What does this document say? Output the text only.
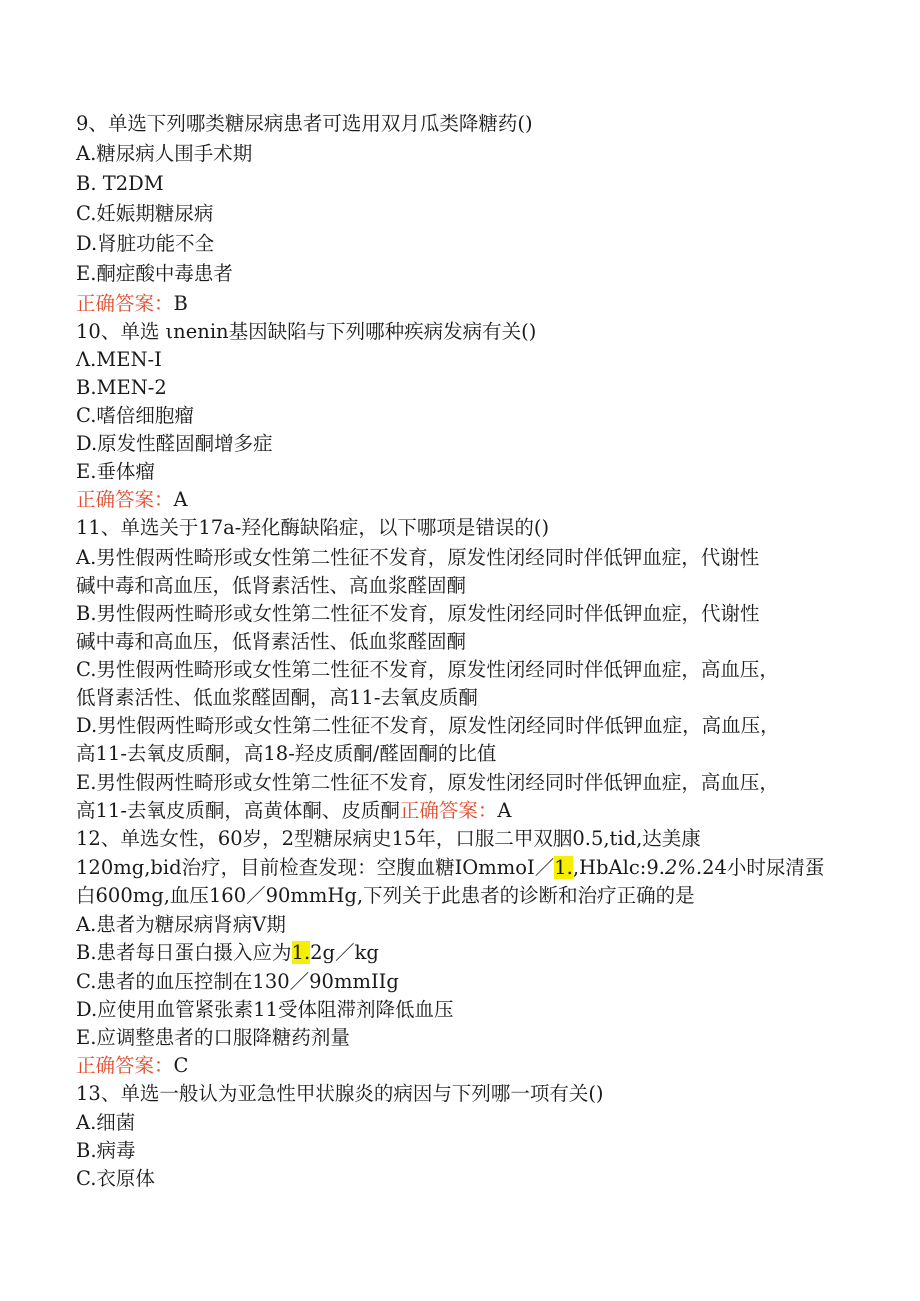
9、单选下列哪类糖尿病患者可选用双月瓜类降糖药()
A.糖尿病人围手术期
B. T2DM
C.妊娠期糖尿病
D.肾脏功能不全
E.酮症酸中毒患者
正确答案：B
10、单选 ιnenin基因缺陷与下列哪种疾病发病有关()
Λ.MEN-I
B.MEN-2
C.嗜倍细胞瘤
D.原发性醛固酮增多症
E.垂体瘤
正确答案：A
11、单选关于17a-羟化酶缺陷症，以下哪项是错误的()
A.男性假两性畸形或女性第二性征不发育，原发性闭经同时伴低钾血症，代谢性
碱中毒和高血压，低肾素活性、高血浆醛固酮
B.男性假两性畸形或女性第二性征不发育，原发性闭经同时伴低钾血症，代谢性
碱中毒和高血压，低肾素活性、低血浆醛固酮
C.男性假两性畸形或女性第二性征不发育，原发性闭经同时伴低钾血症，高血压，
低肾素活性、低血浆醛固酮，高11-去氧皮质酮
D.男性假两性畸形或女性第二性征不发育，原发性闭经同时伴低钾血症，高血压，
高11-去氧皮质酮，高18-羟皮质酮/醛固酮的比值
E.男性假两性畸形或女性第二性征不发育，原发性闭经同时伴低钾血症，高血压，
高11-去氧皮质酮，高黄体酮、皮质酮正确答案：A
12、单选女性，60岁，2型糖尿病史15年，口服二甲双胭0.5,tid,达美康
120mg,bid治疗，目前检查发现：空腹血糖IOmmoI／1.,HbAlc:9.2%.24小时尿清蛋
白600mg,血压160／90mmHg,下列关于此患者的诊断和治疗正确的是
A.患者为糖尿病肾病V期
B.患者每日蛋白摄入应为1.2g／kg
C.患者的血压控制在130／90mmIIg
D.应使用血管紧张素11受体阻滞剂降低血压
E.应调整患者的口服降糖药剂量
正确答案：C
13、单选一般认为亚急性甲状腺炎的病因与下列哪一项有关()
A.细菌
B.病毒
C.衣原体
